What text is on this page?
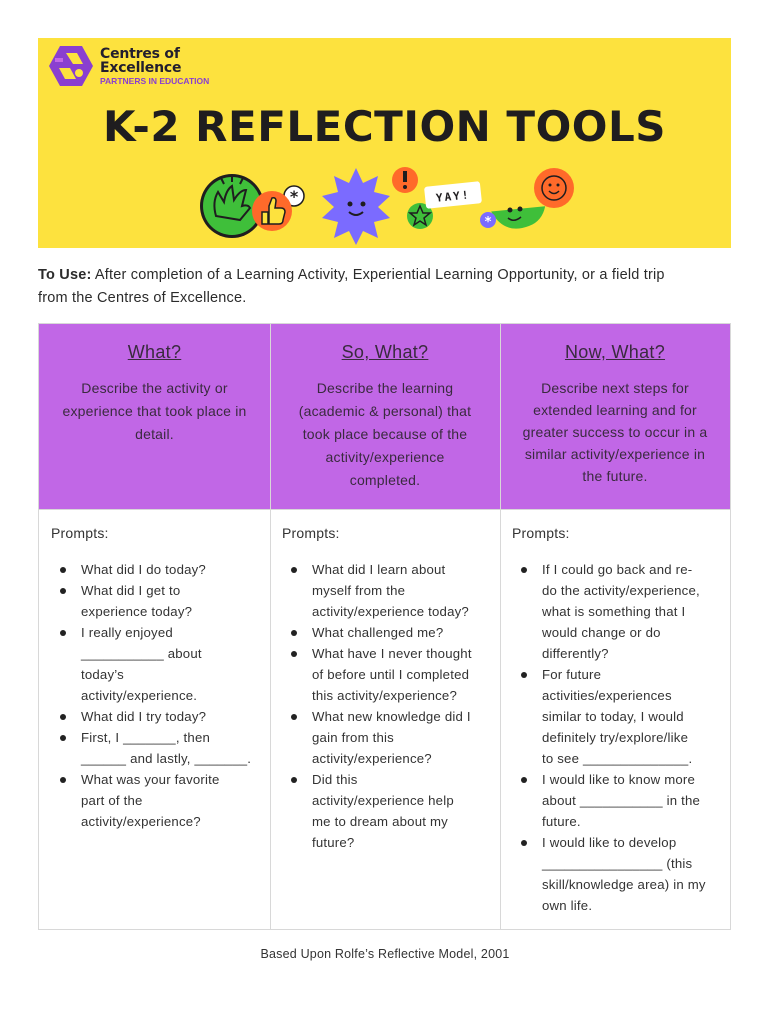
Centres of
Excellence
PARTNERS IN EDUCATION
K-2 REFLECTION TOOLS
*	YAY!
*
To Use: After completion of a Learning Activity, Experiential Learning Opportunity, or a field trip
from the Centres of Excellence.
What?
Describe the activity or
experience that took place in
detail.
So, What?
Describe the learning
(academic & personal) that
took place because of the
activity/experience
completed.
Now, What?
Describe next steps for
extended learning and for
greater success to occur in a
similar activity/experience in
the future.
Prompts:
What did I do today?
What did I get to
experience today?
I really enjoyed
___________ about
today’s
activity/experience.
What did I try today?
First, I _______, then
______ and lastly, _______.
What was your favorite
part of the
activity/experience?
Prompts:
What did I learn about
myself from the
activity/experience today?
What challenged me?
What have I never thought
of before until I completed
this activity/experience?
What new knowledge did I
gain from this
activity/experience?
Did this
activity/experience help
me to dream about my
future?
Prompts:
If I could go back and re-
do the activity/experience,
what is something that I
would change or do
differently?
For future
activities/experiences
similar to today, I would
definitely try/explore/like
to see ______________.
I would like to know more
about ___________ in the
future.
I would like to develop
________________ (this
skill/knowledge area) in my
own life.
Based Upon Rolfe’s Reflective Model, 2001
